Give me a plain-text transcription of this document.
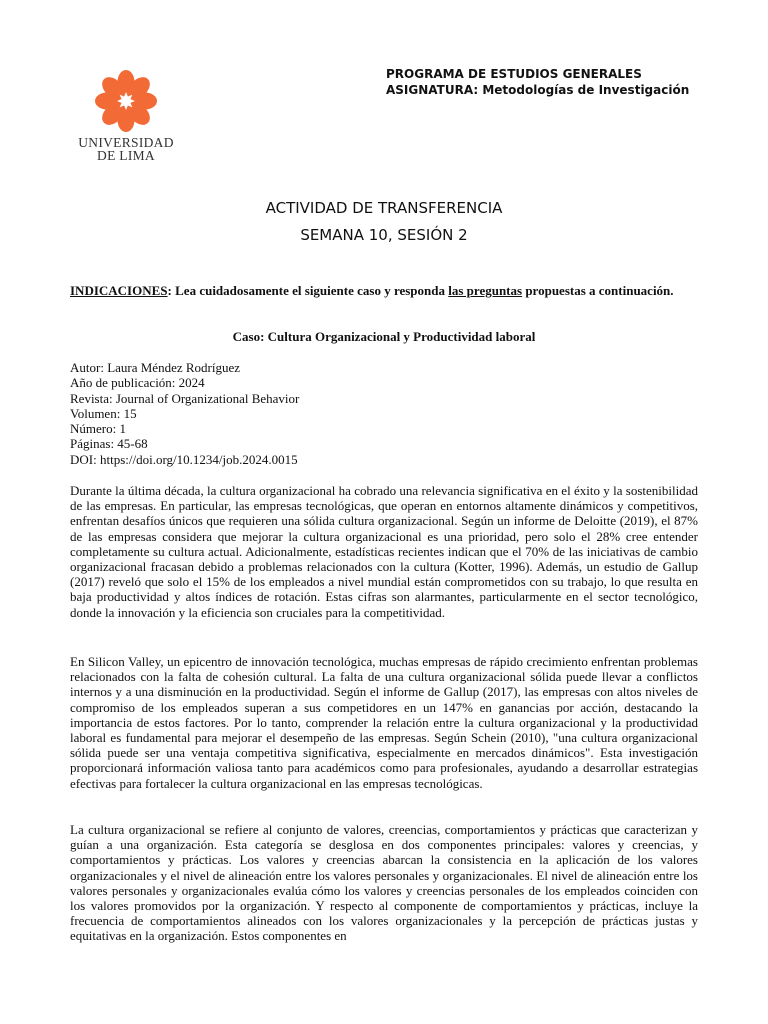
UNIVERSIDAD
DE LIMA
PROGRAMA DE ESTUDIOS GENERALES
ASIGNATURA: Metodologías de Investigación
ACTIVIDAD DE TRANSFERENCIA
SEMANA 10, SESIÓN 2
INDICACIONES: Lea cuidadosamente el siguiente caso y responda las preguntas propuestas a continuación.
Caso: Cultura Organizacional y Productividad laboral
Autor: Laura Méndez Rodríguez
Año de publicación: 2024
Revista: Journal of Organizational Behavior
Volumen: 15
Número: 1
Páginas: 45-68
DOI: https://doi.org/10.1234/job.2024.0015
Durante la última década, la cultura organizacional ha cobrado una relevancia significativa en el éxito y la sostenibilidad de las empresas. En particular, las empresas tecnológicas, que operan en entornos altamente dinámicos y competitivos, enfrentan desafíos únicos que requieren una sólida cultura organizacional. Según un informe de Deloitte (2019), el 87% de las empresas considera que mejorar la cultura organizacional es una prioridad, pero solo el 28% cree entender completamente su cultura actual. Adicionalmente, estadísticas recientes indican que el 70% de las iniciativas de cambio organizacional fracasan debido a problemas relacionados con la cultura (Kotter, 1996). Además, un estudio de Gallup (2017) reveló que solo el 15% de los empleados a nivel mundial están comprometidos con su trabajo, lo que resulta en baja productividad y altos índices de rotación. Estas cifras son alarmantes, particularmente en el sector tecnológico, donde la innovación y la eficiencia son cruciales para la competitividad.
En Silicon Valley, un epicentro de innovación tecnológica, muchas empresas de rápido crecimiento enfrentan problemas relacionados con la falta de cohesión cultural. La falta de una cultura organizacional sólida puede llevar a conflictos internos y a una disminución en la productividad. Según el informe de Gallup (2017), las empresas con altos niveles de compromiso de los empleados superan a sus competidores en un 147% en ganancias por acción, destacando la importancia de estos factores. Por lo tanto, comprender la relación entre la cultura organizacional y la productividad laboral es fundamental para mejorar el desempeño de las empresas. Según Schein (2010), "una cultura organizacional sólida puede ser una ventaja competitiva significativa, especialmente en mercados dinámicos". Esta investigación proporcionará información valiosa tanto para académicos como para profesionales, ayudando a desarrollar estrategias efectivas para fortalecer la cultura organizacional en las empresas tecnológicas.
La cultura organizacional se refiere al conjunto de valores, creencias, comportamientos y prácticas que caracterizan y guían a una organización. Esta categoría se desglosa en dos componentes principales: valores y creencias, y comportamientos y prácticas. Los valores y creencias abarcan la consistencia en la aplicación de los valores organizacionales y el nivel de alineación entre los valores personales y organizacionales. El nivel de alineación entre los valores personales y organizacionales evalúa cómo los valores y creencias personales de los empleados coinciden con los valores promovidos por la organización. Y respecto al componente de comportamientos y prácticas, incluye la frecuencia de comportamientos alineados con los valores organizacionales y la percepción de prácticas justas y equitativas en la organización. Estos componentes en
